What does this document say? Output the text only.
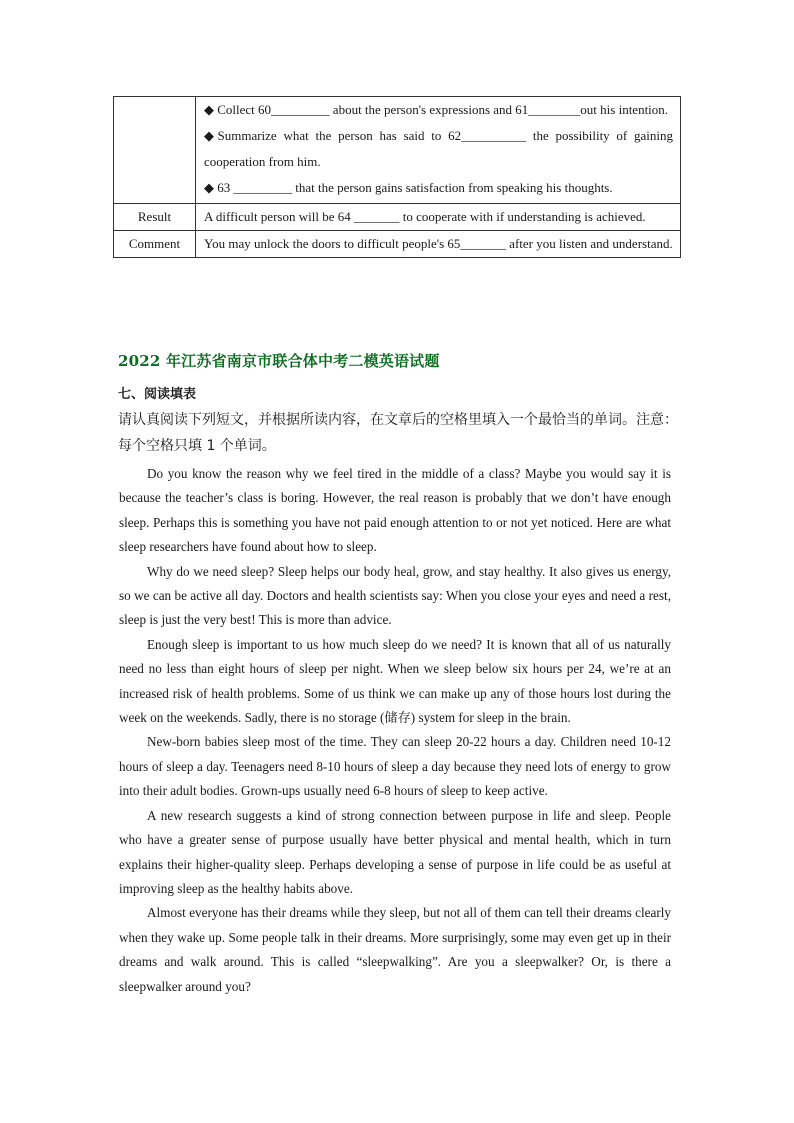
	◆ Collect 60_________ about the person's expressions and 61________out his intention.

◆Summarize what the person has said to 62__________ the possibility of gaining cooperation from him.

◆ 63 _________ that the person gains satisfaction from speaking his thoughts.

Result	A difficult person will be 64 _______ to cooperate with if understanding is achieved.

Comment	You may unlock the doors to difficult people's 65_______ after you listen and understand.

2022 年江苏省南京市联合体中考二模英语试题
七、阅读填表
请认真阅读下列短文，并根据所读内容，在文章后的空格里填入一个最恰当的单词。注意：每个空格只填 1 个单词。

Do you know the reason why we feel tired in the middle of a class? Maybe you would say it is because the teacher’s class is boring. However, the real reason is probably that we don’t have enough sleep. Perhaps this is something you have not paid enough attention to or not yet noticed. Here are what sleep researchers have found about how to sleep.

Why do we need sleep? Sleep helps our body heal, grow, and stay healthy. It also gives us energy, so we can be active all day. Doctors and health scientists say: When you close your eyes and need a rest, sleep is just the very best! This is more than advice.

Enough sleep is important to us how much sleep do we need? It is known that all of us naturally need no less than eight hours of sleep per night. When we sleep below six hours per 24, we’re at an increased risk of health problems. Some of us think we can make up any of those hours lost during the week on the weekends. Sadly, there is no storage (储存) system for sleep in the brain.

New-born babies sleep most of the time. They can sleep 20-22 hours a day. Children need 10-12 hours of sleep a day. Teenagers need 8-10 hours of sleep a day because they need lots of energy to grow into their adult bodies. Grown-ups usually need 6-8 hours of sleep to keep active.

A new research suggests a kind of strong connection between purpose in life and sleep. People who have a greater sense of purpose usually have better physical and mental health, which in turn explains their higher-quality sleep. Perhaps developing a sense of purpose in life could be as useful at improving sleep as the healthy habits above.

Almost everyone has their dreams while they sleep, but not all of them can tell their dreams clearly when they wake up. Some people talk in their dreams. More surprisingly, some may even get up in their dreams and walk around. This is called “sleepwalking”. Are you a sleepwalker? Or, is there a sleepwalker around you?
